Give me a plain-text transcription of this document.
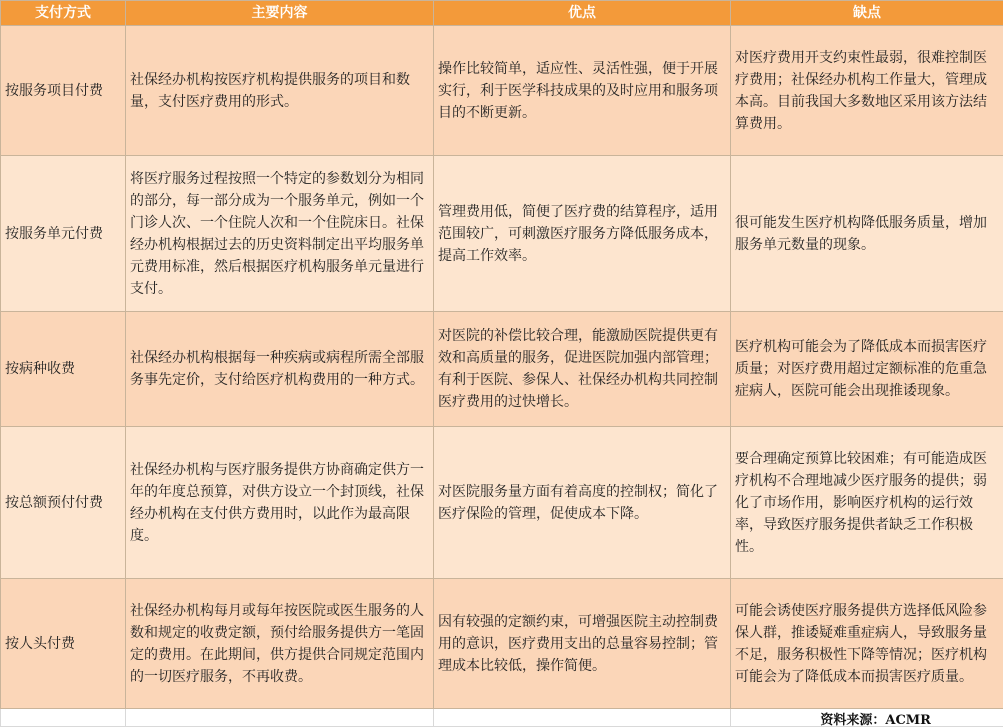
支付方式	主要内容	优点	缺点
按服务项目付费	社保经办机构按医疗机构提供服务的项目和数量，支付医疗费用的形式。	操作比较简单，适应性、灵活性强，便于开展实行，利于医学科技成果的及时应用和服务项目的不断更新。	对医疗费用开支约束性最弱，很难控制医疗费用；社保经办机构工作量大，管理成本高。目前我国大多数地区采用该方法结算费用。
按服务单元付费	将医疗服务过程按照一个特定的参数划分为相同的部分，每一部分成为一个服务单元，例如一个门诊人次、一个住院人次和一个住院床日。社保经办机构根据过去的历史资料制定出平均服务单元费用标准，然后根据医疗机构服务单元量进行支付。	管理费用低，简便了医疗费的结算程序，适用范围较广，可刺激医疗服务方降低服务成本，提高工作效率。	很可能发生医疗机构降低服务质量，增加服务单元数量的现象。
按病种收费	社保经办机构根据每一种疾病或病程所需全部服务事先定价，支付给医疗机构费用的一种方式。	对医院的补偿比较合理，能激励医院提供更有效和高质量的服务，促进医院加强内部管理；有利于医院、参保人、社保经办机构共同控制医疗费用的过快增长。	医疗机构可能会为了降低成本而损害医疗质量；对医疗费用超过定额标准的危重急症病人，医院可能会出现推诿现象。
按总额预付付费	社保经办机构与医疗服务提供方协商确定供方一年的年度总预算，对供方设立一个封顶线，社保经办机构在支付供方费用时，以此作为最高限度。	对医院服务量方面有着高度的控制权；简化了医疗保险的管理，促使成本下降。	要合理确定预算比较困难；有可能造成医疗机构不合理地减少医疗服务的提供；弱化了市场作用，影响医疗机构的运行效率，导致医疗服务提供者缺乏工作积极性。
按人头付费	社保经办机构每月或每年按医院或医生服务的人数和规定的收费定额，预付给服务提供方一笔固定的费用。在此期间，供方提供合同规定范围内的一切医疗服务，不再收费。	因有较强的定额约束，可增强医院主动控制费用的意识，医疗费用支出的总量容易控制；管理成本比较低，操作简便。	可能会诱使医疗服务提供方选择低风险参保人群，推诿疑难重症病人，导致服务量不足，服务积极性下降等情况；医疗机构可能会为了降低成本而损害医疗质量。

资料来源：ACMR
